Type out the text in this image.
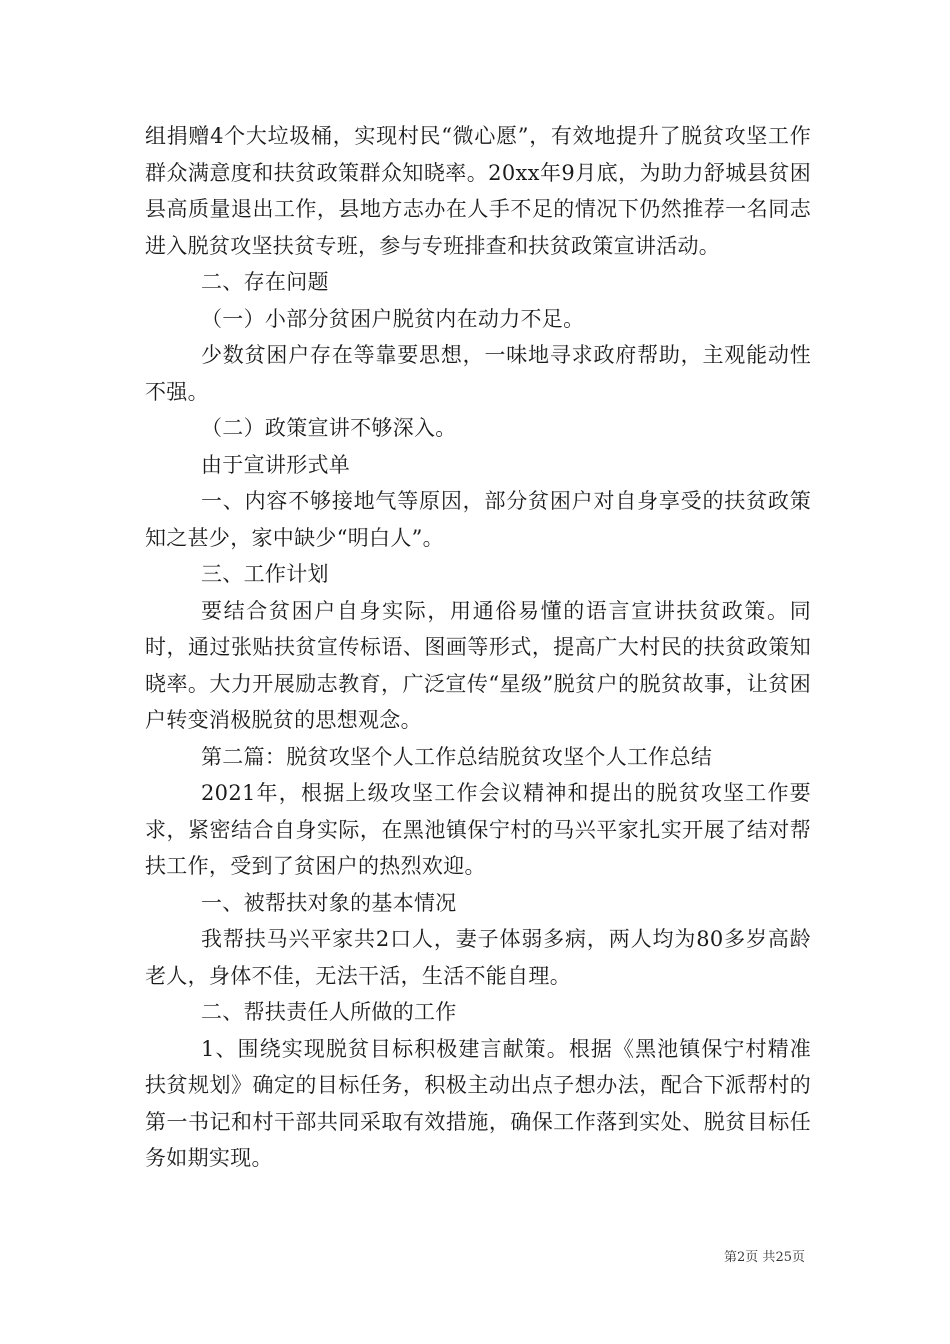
组捐赠4个大垃圾桶，实现村民“微心愿”，有效地提升了脱贫攻坚工作群众满意度和扶贫政策群众知晓率。20xx年9月底，为助力舒城县贫困县高质量退出工作，县地方志办在人手不足的情况下仍然推荐一名同志进入脱贫攻坚扶贫专班，参与专班排查和扶贫政策宣讲活动。

二、存在问题

（一）小部分贫困户脱贫内在动力不足。

少数贫困户存在等靠要思想，一味地寻求政府帮助，主观能动性不强。

（二）政策宣讲不够深入。

由于宣讲形式单

一、内容不够接地气等原因，部分贫困户对自身享受的扶贫政策知之甚少，家中缺少“明白人”。

三、工作计划

要结合贫困户自身实际，用通俗易懂的语言宣讲扶贫政策。同时，通过张贴扶贫宣传标语、图画等形式，提高广大村民的扶贫政策知晓率。大力开展励志教育，广泛宣传“星级”脱贫户的脱贫故事，让贫困户转变消极脱贫的思想观念。

第二篇：脱贫攻坚个人工作总结脱贫攻坚个人工作总结

2021年，根据上级攻坚工作会议精神和提出的脱贫攻坚工作要求，紧密结合自身实际，在黑池镇保宁村的马兴平家扎实开展了结对帮扶工作，受到了贫困户的热烈欢迎。

一、被帮扶对象的基本情况

我帮扶马兴平家共2口人，妻子体弱多病，两人均为80多岁高龄老人，身体不佳，无法干活，生活不能自理。

二、帮扶责任人所做的工作

1、围绕实现脱贫目标积极建言献策。根据《黑池镇保宁村精准扶贫规划》确定的目标任务，积极主动出点子想办法，配合下派帮村的第一书记和村干部共同采取有效措施，确保工作落到实处、脱贫目标任务如期实现。

第2页 共25页
